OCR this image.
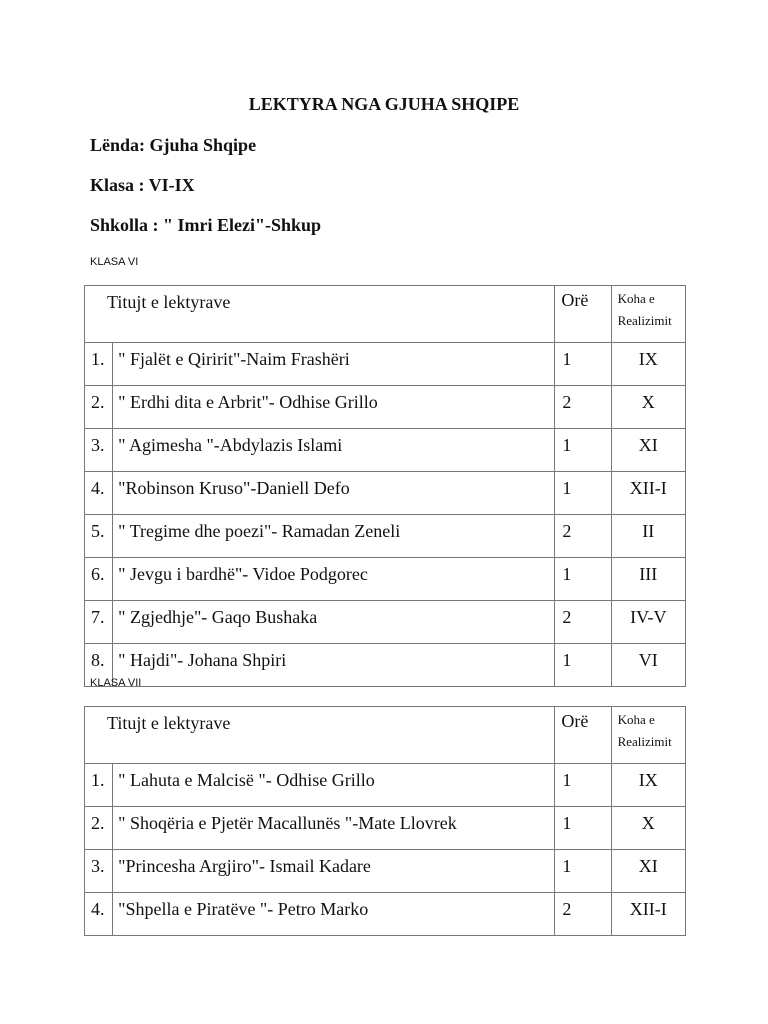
LEKTYRA NGA GJUHA SHQIPE
Lënda: Gjuha Shqipe
Klasa : VI-IX
Shkolla : " Imri Elezi"-Shkup
KLASA VI
Titujt e lektyrave		Orë	Koha e
Realizimit
1.	" Fjalët e Qiririt"-Naim Frashëri	1	IX
2.	" Erdhi dita e Arbrit"- Odhise Grillo	2	X
3.	" Agimesha "-Abdylazis Islami	1	XI
4.	"Robinson Kruso"-Daniell Defo	1	XII-I
5.	" Tregime dhe poezi"- Ramadan Zeneli	2	II
6.	" Jevgu i bardhë"- Vidoe Podgorec	1	III
7.	" Zgjedhje"- Gaqo Bushaka	2	IV-V
8.	" Hajdi"- Johana Shpiri	1	VI
KLASA VII
Titujt e lektyrave		Orë	Koha e
Realizimit
1.	" Lahuta e Malcisë "- Odhise Grillo	1	IX
2.	" Shoqëria e Pjetër Macallunës "-Mate Llovrek	1	X
3.	"Princesha Argjiro"- Ismail Kadare	1	XI
4.	"Shpella e Piratëve "- Petro Marko	2	XII-I
